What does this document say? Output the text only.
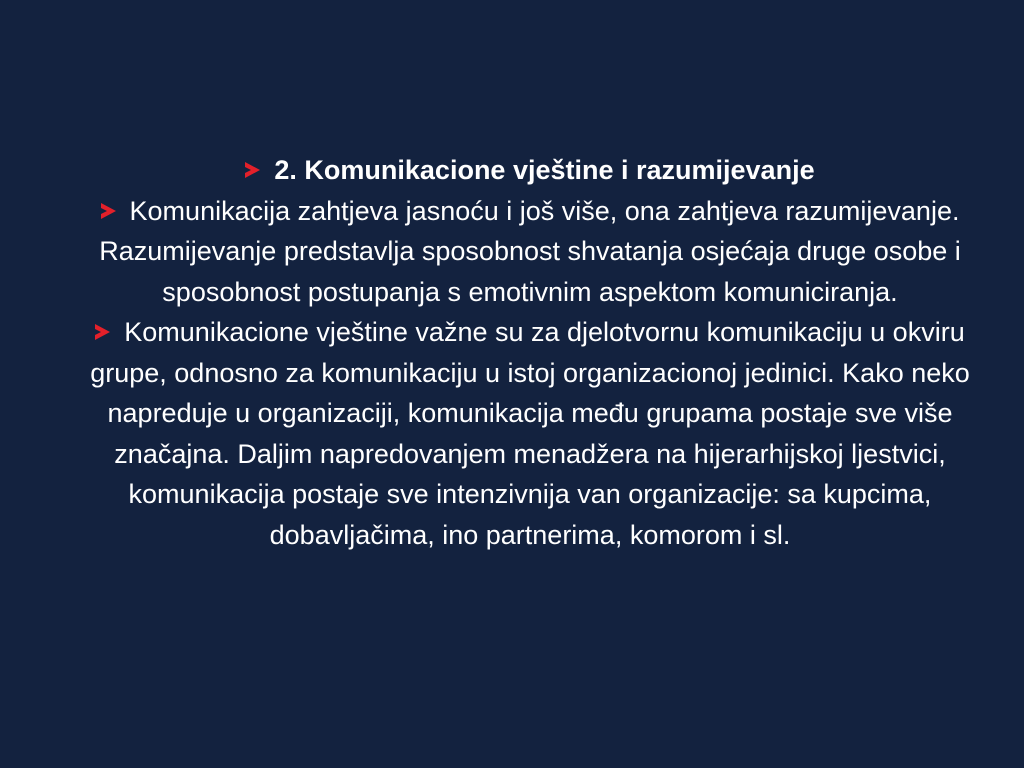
2. Komunikacione vještine i razumijevanje

Komunikacija zahtjeva jasnoću i još više, ona zahtjeva razumijevanje. Razumijevanje predstavlja sposobnost shvatanja osjećaja druge osobe i sposobnost postupanja s emotivnim aspektom komuniciranja.

Komunikacione vještine važne su za djelotvornu komunikaciju u okviru grupe, odnosno za komunikaciju u istoj organizacionoj jedinici. Kako neko napreduje u organizaciji, komunikacija među grupama postaje sve više značajna. Daljim napredovanjem menadžera na hijerarhijskoj ljestvici, komunikacija postaje sve intenzivnija van organizacije: sa kupcima, dobavljačima, ino partnerima, komorom i sl.
